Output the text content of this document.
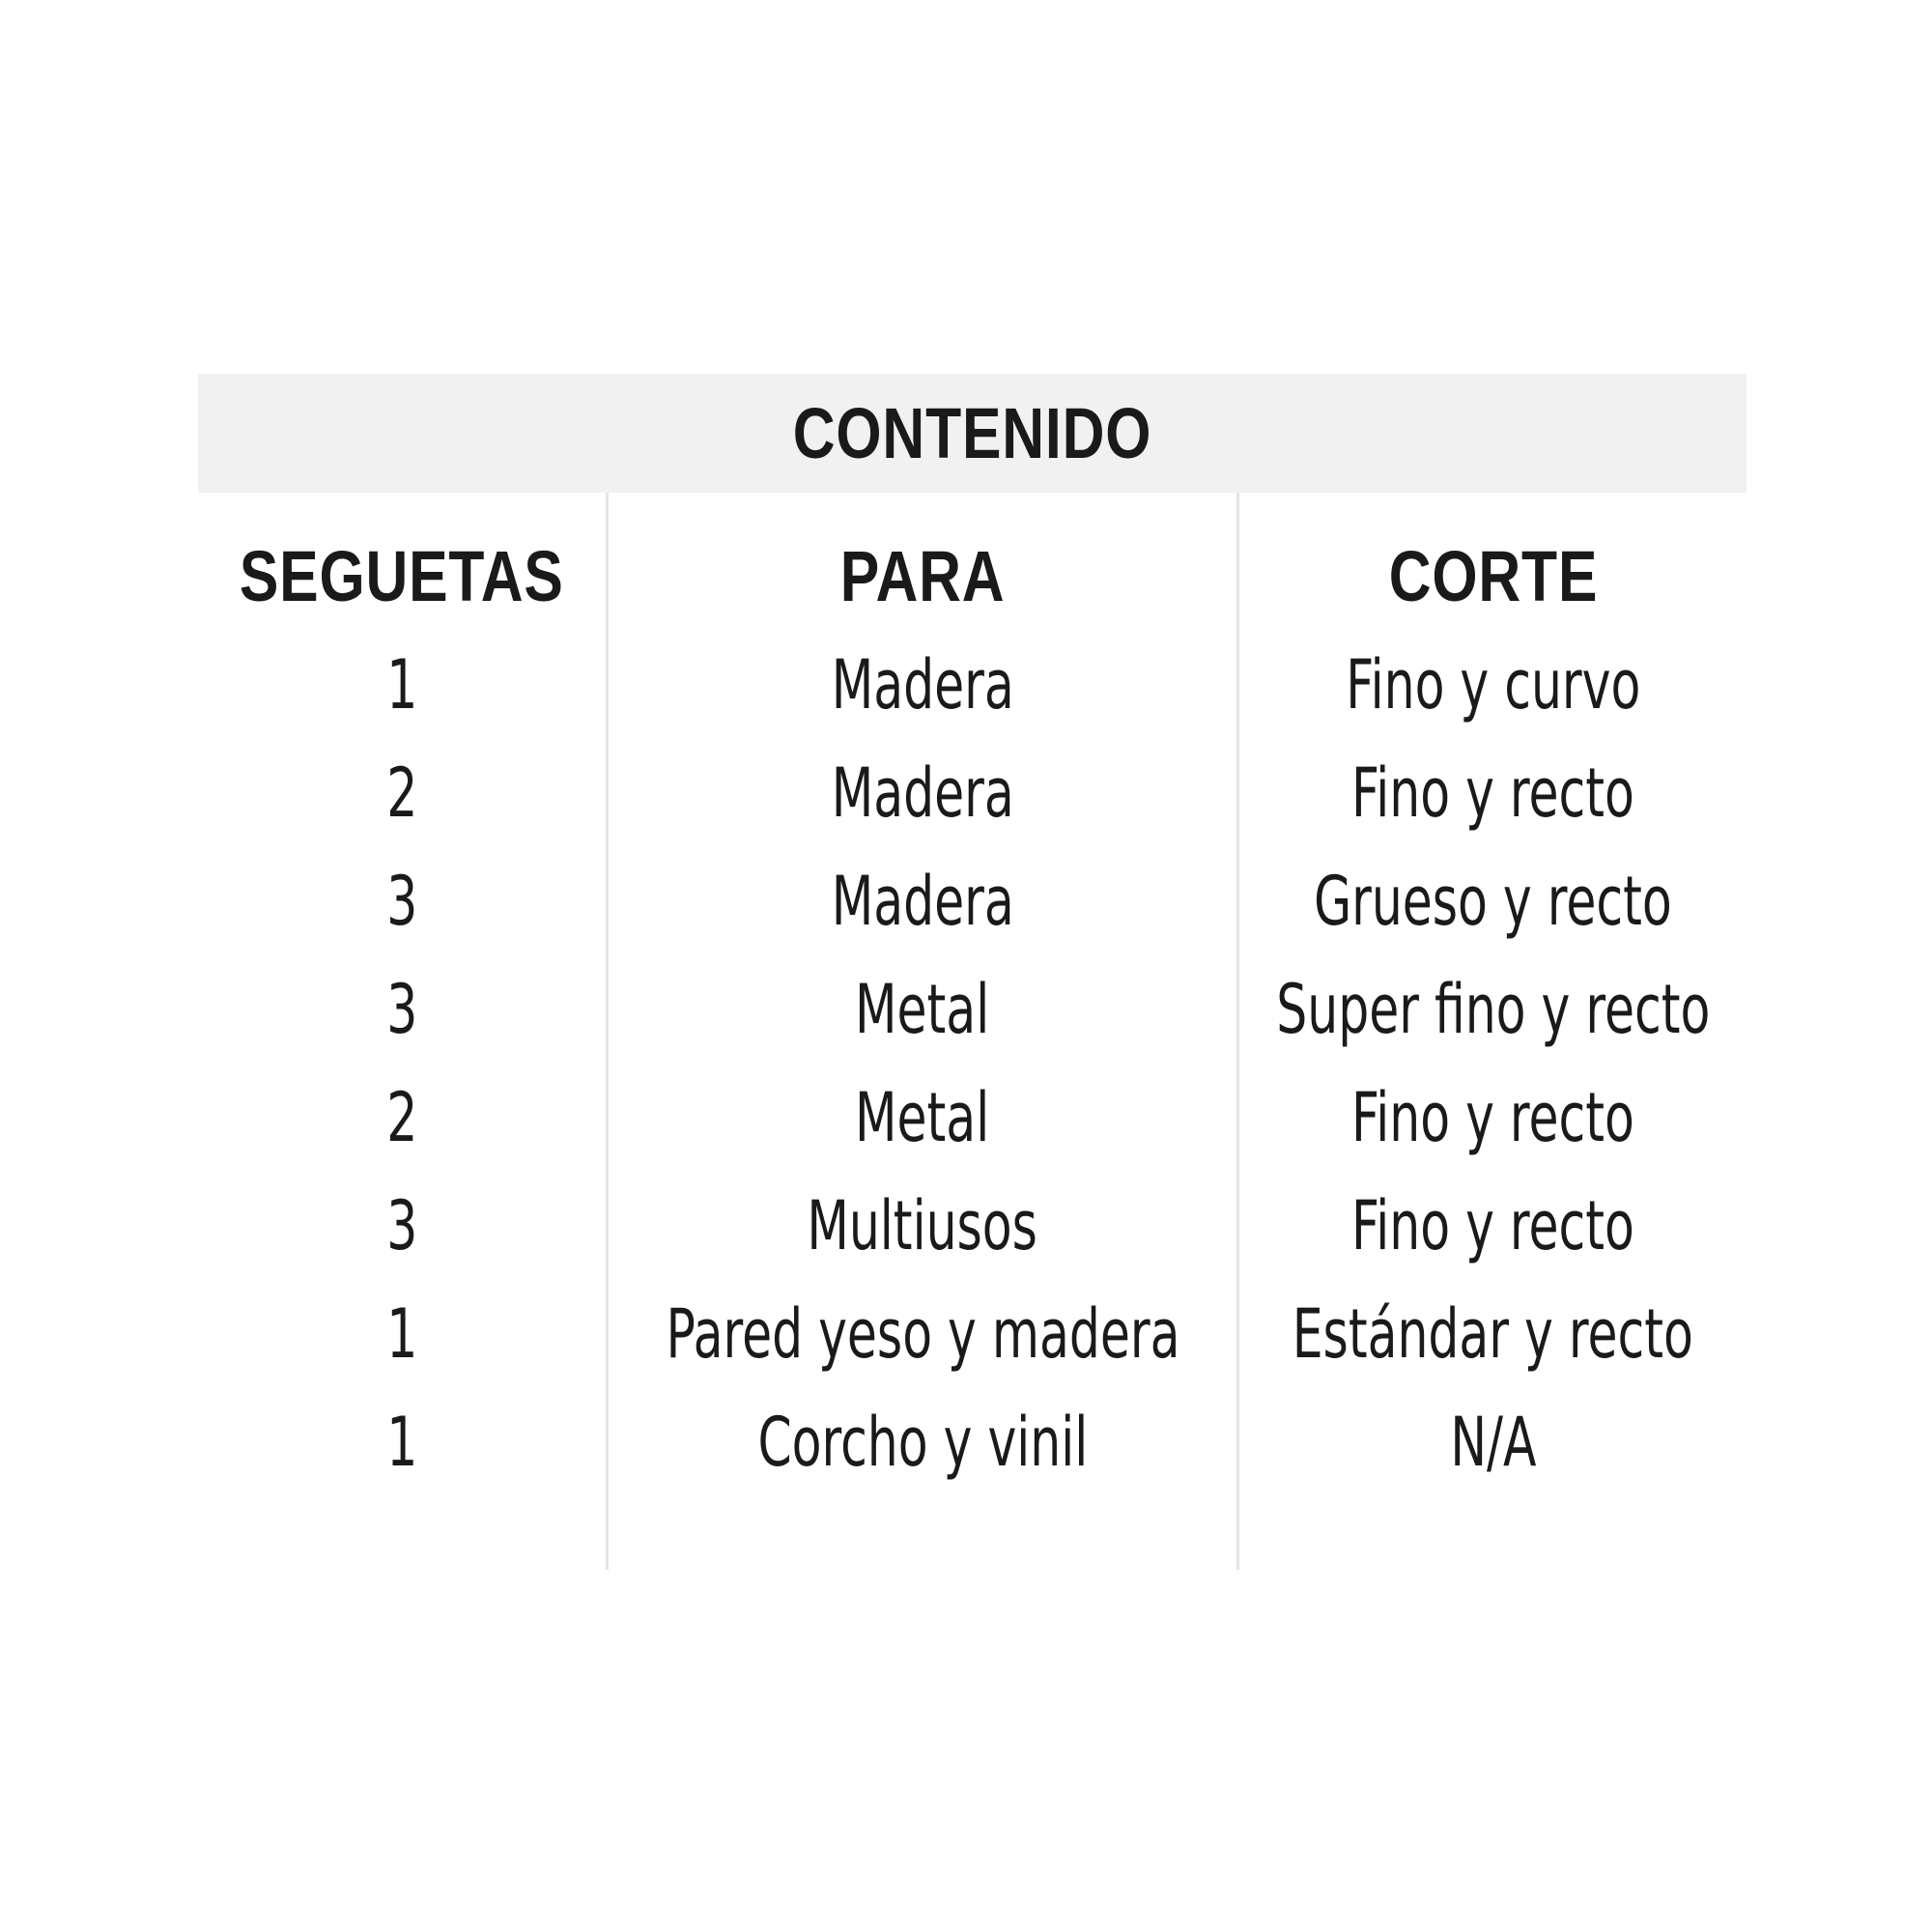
CONTENIDO
SEGUETAS
1
2
3
3
2
3
1
1
PARA
Madera
Madera
Madera
Metal
Metal
Multiusos
Pared yeso y madera
Corcho y vinil
CORTE
Fino y curvo
Fino y recto
Grueso y recto
Super fino y recto
Fino y recto
Fino y recto
Estándar y recto
N/A
